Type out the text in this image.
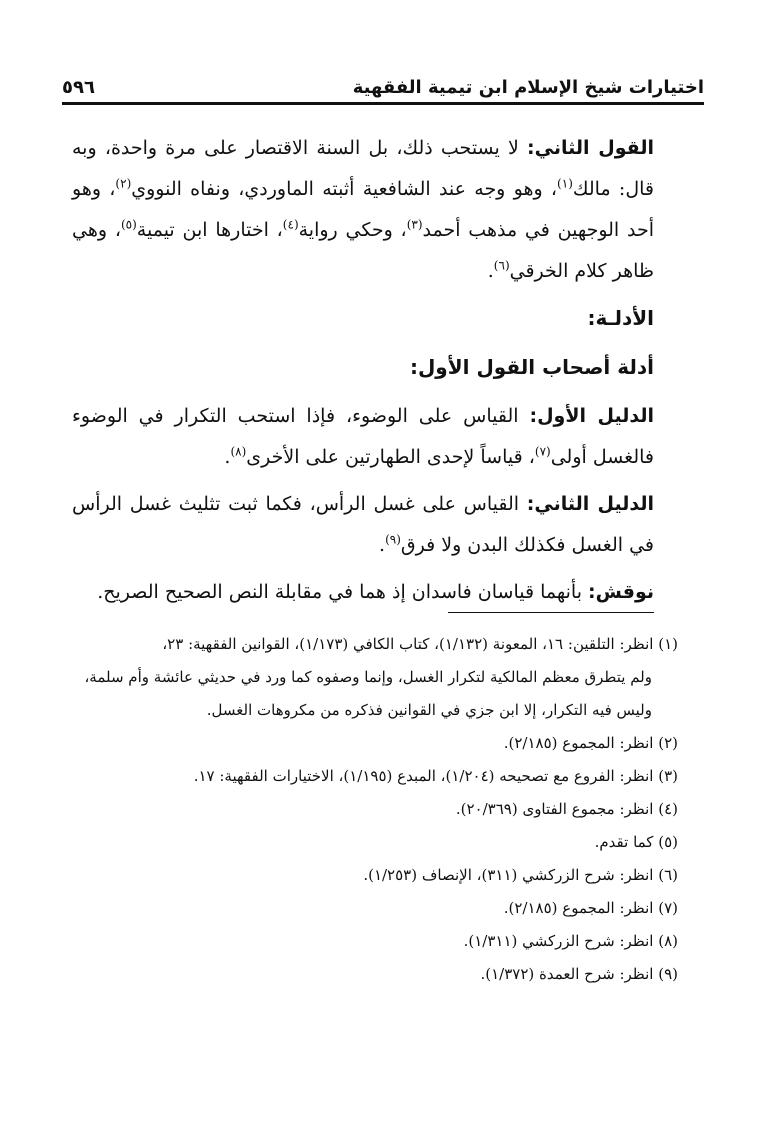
اختيارات شيخ الإسلام ابن تيمية الفقهية
٥٩٦

القول الثاني: لا يستحب ذلك، بل السنة الاقتصار على مرة واحدة، وبه قال: مالك$^{(١)}$، وهو وجه عند الشافعية أثبته الماوردي، ونفاه النووي$^{(٢)}$، وهو أحد الوجهين في مذهب أحمد$^{(٣)}$، وحكي رواية$^{(٤)}$، اختارها ابن تيمية$^{(٥)}$، وهي ظاهر كلام الخرقي$^{(٦)}$.

الأدلـة:
أدلة أصحاب القول الأول:

الدليل الأول: القياس على الوضوء، فإذا استحب التكرار في الوضوء فالغسل أولى$^{(٧)}$، قياساً لإحدى الطهارتين على الأخرى$^{(٨)}$.

الدليل الثاني: القياس على غسل الرأس، فكما ثبت تثليث غسل الرأس في الغسل فكذلك البدن ولا فرق$^{(٩)}$.

نوقش: بأنهما قياسان فاسدان إذ هما في مقابلة النص الصحيح الصريح.

(١) انظر: التلقين: ١٦، المعونة (١/١٣٢)، كتاب الكافي (١/١٧٣)، القوانين الفقهية: ٢٣،
ولم يتطرق معظم المالكية لتكرار الغسل، وإنما وصفوه كما ورد في حديثي عائشة وأم سلمة،
وليس فيه التكرار، إلا ابن جزي في القوانين فذكره من مكروهات الغسل.
(٢) انظر: المجموع (٢/١٨٥).
(٣) انظر: الفروع مع تصحيحه (١/٢٠٤)، المبدع (١/١٩٥)، الاختيارات الفقهية: ١٧.
(٤) انظر: مجموع الفتاوى (٢٠/٣٦٩).
(٥) كما تقدم.
(٦) انظر: شرح الزركشي (٣١١)، الإنصاف (١/٢٥٣).
(٧) انظر: المجموع (٢/١٨٥).
(٨) انظر: شرح الزركشي (١/٣١١).
(٩) انظر: شرح العمدة (١/٣٧٢).
